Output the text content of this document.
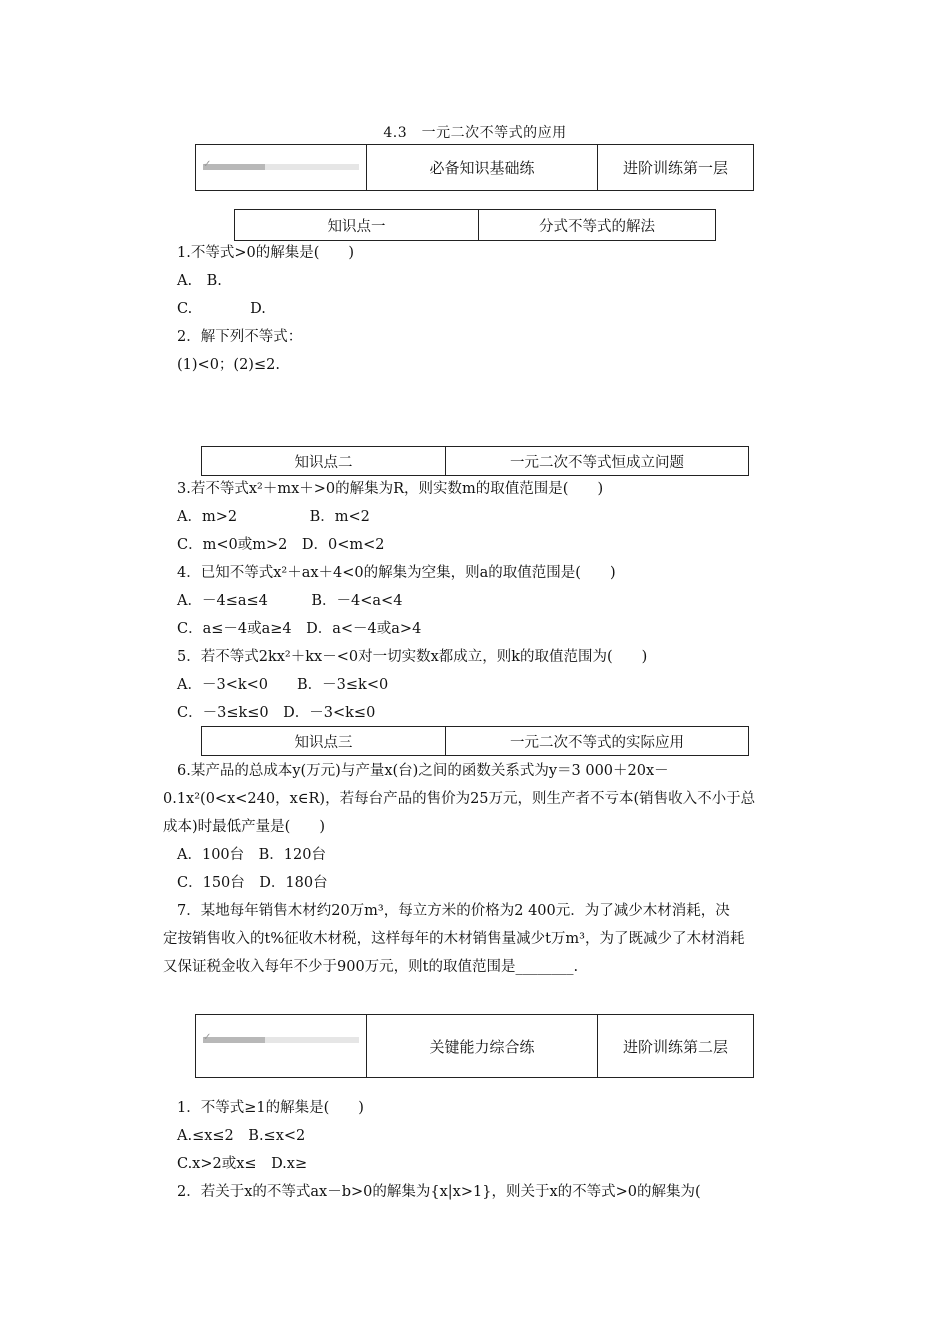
4.3　一元二次不等式的应用
✓	必备知识基础练	进阶训练第一层
知识点一	分式不等式的解法
1.不等式>0的解集是(　　)
A.　B.
C.　　　　D.
2．解下列不等式：
(1)<0；(2)≤2.
知识点二	一元二次不等式恒成立问题
3.若不等式x²＋mx＋>0的解集为R，则实数m的取值范围是(　　)
A．m>2　　　　　B．m<2
C．m<0或m>2　D．0<m<2
4．已知不等式x²＋ax＋4<0的解集为空集，则a的取值范围是(　　)
A．－4≤a≤4　　　B．－4<a<4
C．a≤－4或a≥4　D．a<－4或a>4
5．若不等式2kx²＋kx－<0对一切实数x都成立，则k的取值范围为(　　)
A．－3<k<0　　B．－3≤k<0
C．－3≤k≤0　D．－3<k≤0
知识点三	一元二次不等式的实际应用
6.某产品的总成本y(万元)与产量x(台)之间的函数关系式为y＝3 000＋20x－
0.1x²(0<x<240，x∈R)，若每台产品的售价为25万元，则生产者不亏本(销售收入不小于总
成本)时最低产量是(　　)
A．100台　B．120台
C．150台　D．180台
7．某地每年销售木材约20万m³，每立方米的价格为2 400元．为了减少木材消耗，决
定按销售收入的t%征收木材税，这样每年的木材销售量减少t万m³，为了既减少了木材消耗
又保证税金收入每年不少于900万元，则t的取值范围是________.
✓	关键能力综合练	进阶训练第二层
1．不等式≥1的解集是(　　)
A.≤x≤2　B.≤x<2
C.x>2或x≤　D.x≥
2．若关于x的不等式ax－b>0的解集为{x|x>1}，则关于x的不等式>0的解集为(
